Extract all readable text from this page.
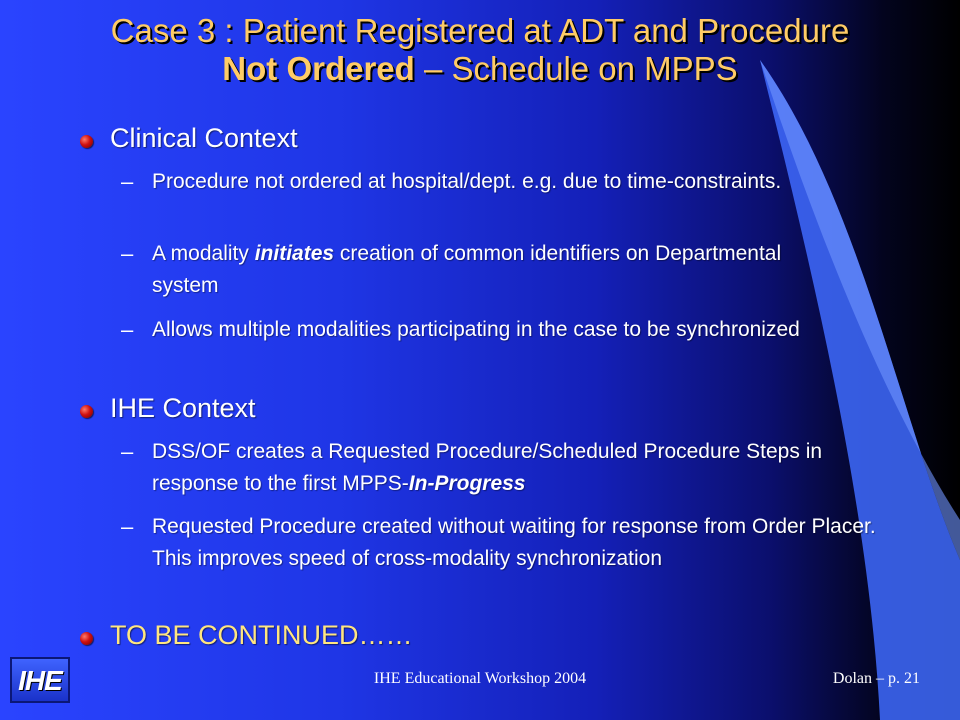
Case 3 : Patient Registered at ADT and Procedure
Not Ordered – Schedule on MPPS
Clinical Context
– Procedure not ordered at hospital/dept. e.g. due to time-constraints.
– A modality initiates creation of common identifiers on Departmental system
– Allows multiple modalities participating in the case to be synchronized
IHE Context
– DSS/OF creates a Requested Procedure/Scheduled Procedure Steps in response to the first MPPS-In-Progress
– Requested Procedure created without waiting for response from Order Placer. This improves speed of cross-modality synchronization
TO BE CONTINUED……
IHE	IHE Educational Workshop 2004	Dolan – p. 21
